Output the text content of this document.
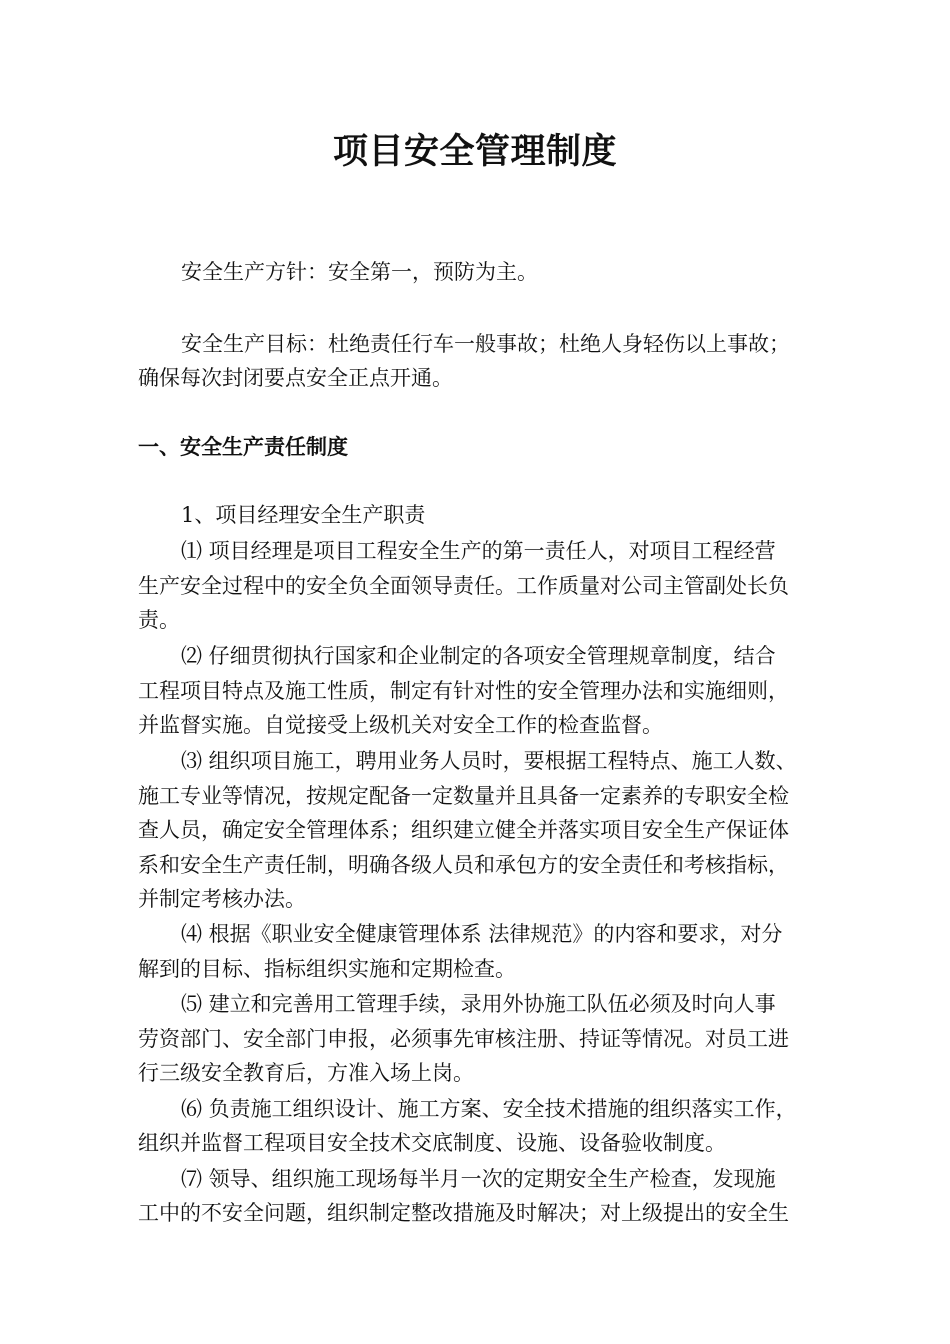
项目安全管理制度
安全生产方针：安全第一，预防为主。
安全生产目标：杜绝责任行车一般事故；杜绝人身轻伤以上事故；
确保每次封闭要点安全正点开通。
一、安全生产责任制度
1、项目经理安全生产职责
⑴ 项目经理是项目工程安全生产的第一责任人，对项目工程经营
生产安全过程中的安全负全面领导责任。工作质量对公司主管副处长负
责。
⑵ 仔细贯彻执行国家和企业制定的各项安全管理规章制度，结合
工程项目特点及施工性质，制定有针对性的安全管理办法和实施细则，
并监督实施。自觉接受上级机关对安全工作的检查监督。
⑶ 组织项目施工，聘用业务人员时，要根据工程特点、施工人数、
施工专业等情况，按规定配备一定数量并且具备一定素养的专职安全检
查人员，确定安全管理体系；组织建立健全并落实项目安全生产保证体
系和安全生产责任制，明确各级人员和承包方的安全责任和考核指标，
并制定考核办法。
⑷ 根据《职业安全健康管理体系 法律规范》的内容和要求，对分
解到的目标、指标组织实施和定期检查。
⑸ 建立和完善用工管理手续，录用外协施工队伍必须及时向人事
劳资部门、安全部门申报，必须事先审核注册、持证等情况。对员工进
行三级安全教育后，方准入场上岗。
⑹ 负责施工组织设计、施工方案、安全技术措施的组织落实工作，
组织并监督工程项目安全技术交底制度、设施、设备验收制度。
⑺ 领导、组织施工现场每半月一次的定期安全生产检查，发现施
工中的不安全问题，组织制定整改措施及时解决；对上级提出的安全生
